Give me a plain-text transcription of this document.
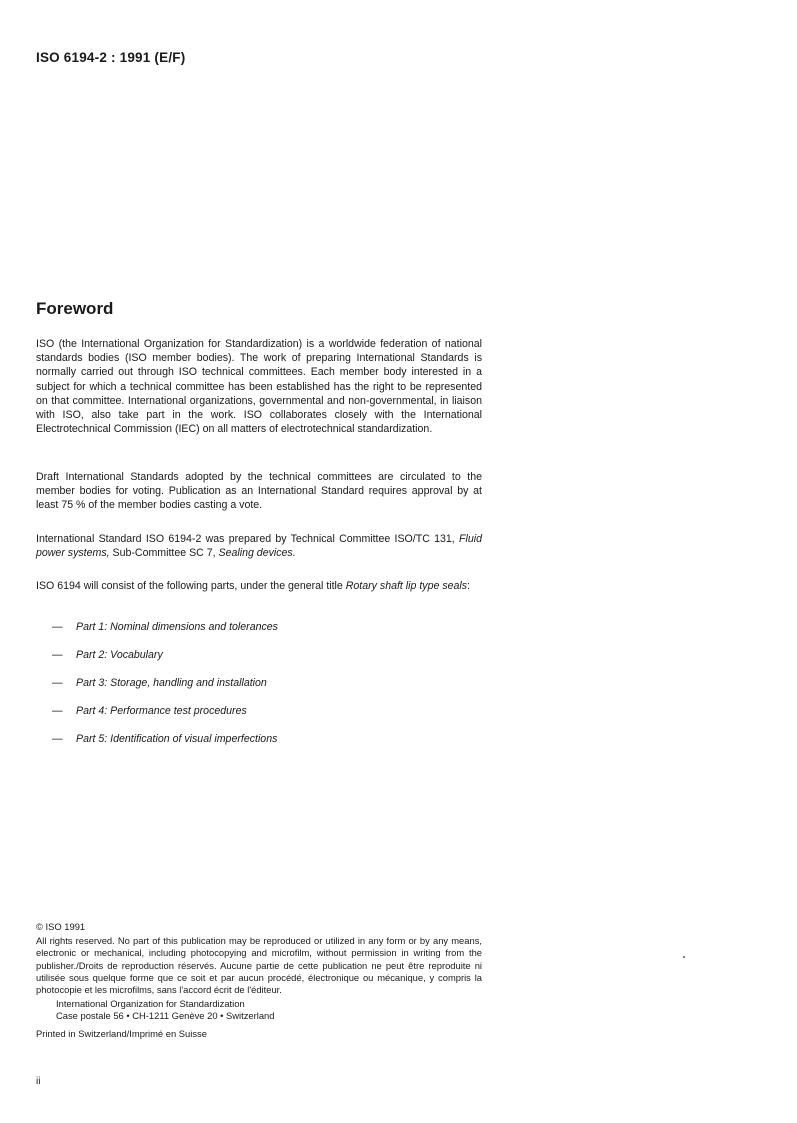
ISO 6194-2 : 1991 (E/F)
Foreword

ISO (the International Organization for Standardization) is a worldwide federation of national standards bodies (ISO member bodies). The work of preparing International Standards is normally carried out through ISO technical committees. Each member body interested in a subject for which a technical committee has been established has the right to be represented on that committee. International organizations, governmental and non-governmental, in liaison with ISO, also take part in the work. ISO collaborates closely with the International Electrotechnical Commission (IEC) on all matters of electrotechnical standardization.

Draft International Standards adopted by the technical committees are circulated to the member bodies for voting. Publication as an International Standard requires approval by at least 75 % of the member bodies casting a vote.

International Standard ISO 6194-2 was prepared by Technical Committee ISO/TC 131, Fluid power systems, Sub-Committee SC 7, Sealing devices.

ISO 6194 will consist of the following parts, under the general title Rotary shaft lip type seals:

—	Part 1: Nominal dimensions and tolerances
—	Part 2: Vocabulary
—	Part 3: Storage, handling and installation
—	Part 4: Performance test procedures
—	Part 5: Identification of visual imperfections

© ISO 1991

All rights reserved. No part of this publication may be reproduced or utilized in any form or by any means, electronic or mechanical, including photocopying and microfilm, without permission in writing from the publisher./Droits de reproduction réservés. Aucune partie de cette publication ne peut être reproduite ni utilisée sous quelque forme que ce soit et par aucun procédé, électronique ou mécanique, y compris la photocopie et les microfilms, sans l'accord écrit de l'éditeur.

International Organization for Standardization
Case postale 56 • CH-1211 Genève 20 • Switzerland

Printed in Switzerland/Imprimé en Suisse

ii
